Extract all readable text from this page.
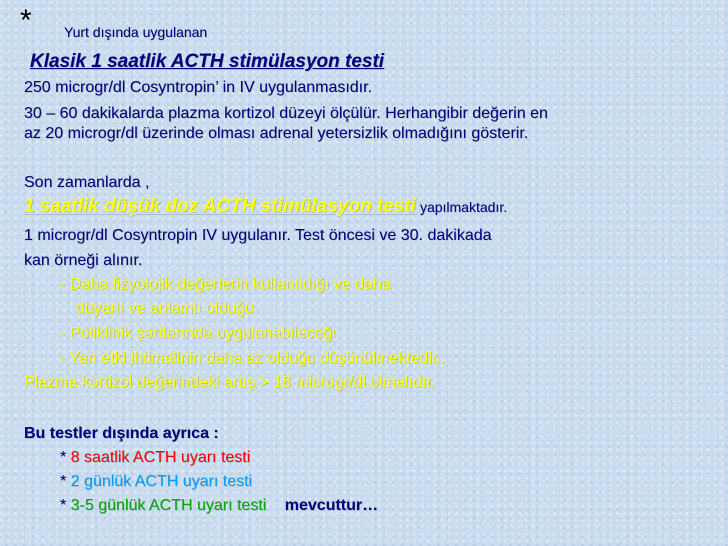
* Yurt dışında uygulanan
Klasik 1 saatlik ACTH stimülasyon testi
250 microgr/dl Cosyntropin’ in IV uygulanmasıdır.
30 – 60 dakikalarda plazma kortizol düzeyi ölçülür. Herhangibir değerin en
az 20 microgr/dl üzerinde olması adrenal yetersizlik olmadığını gösterir.
Son zamanlarda ,
1 saatlik düşük doz ACTH stimülasyon testi yapılmaktadır.
1 microgr/dl Cosyntropin IV uygulanır. Test öncesi ve 30. dakikada
kan örneği alınır.
- Daha fizyolojik değerlerin kullanıldığı ve daha
duyarlı ve anlamlı olduğu
- Poliklinik şartlarında uygulanabileceği
- Yan etki ihtimalinin daha az olduğu düşünülmektedir..
Plazma kortizol değerindeki artış > 18 microgr/dl olmalıdır.
Bu testler dışında ayrıca :
* 8 saatlik ACTH uyarı testi
* 2 günlük ACTH uyarı testi
* 3-5 günlük ACTH uyarı testi mevcuttur…
